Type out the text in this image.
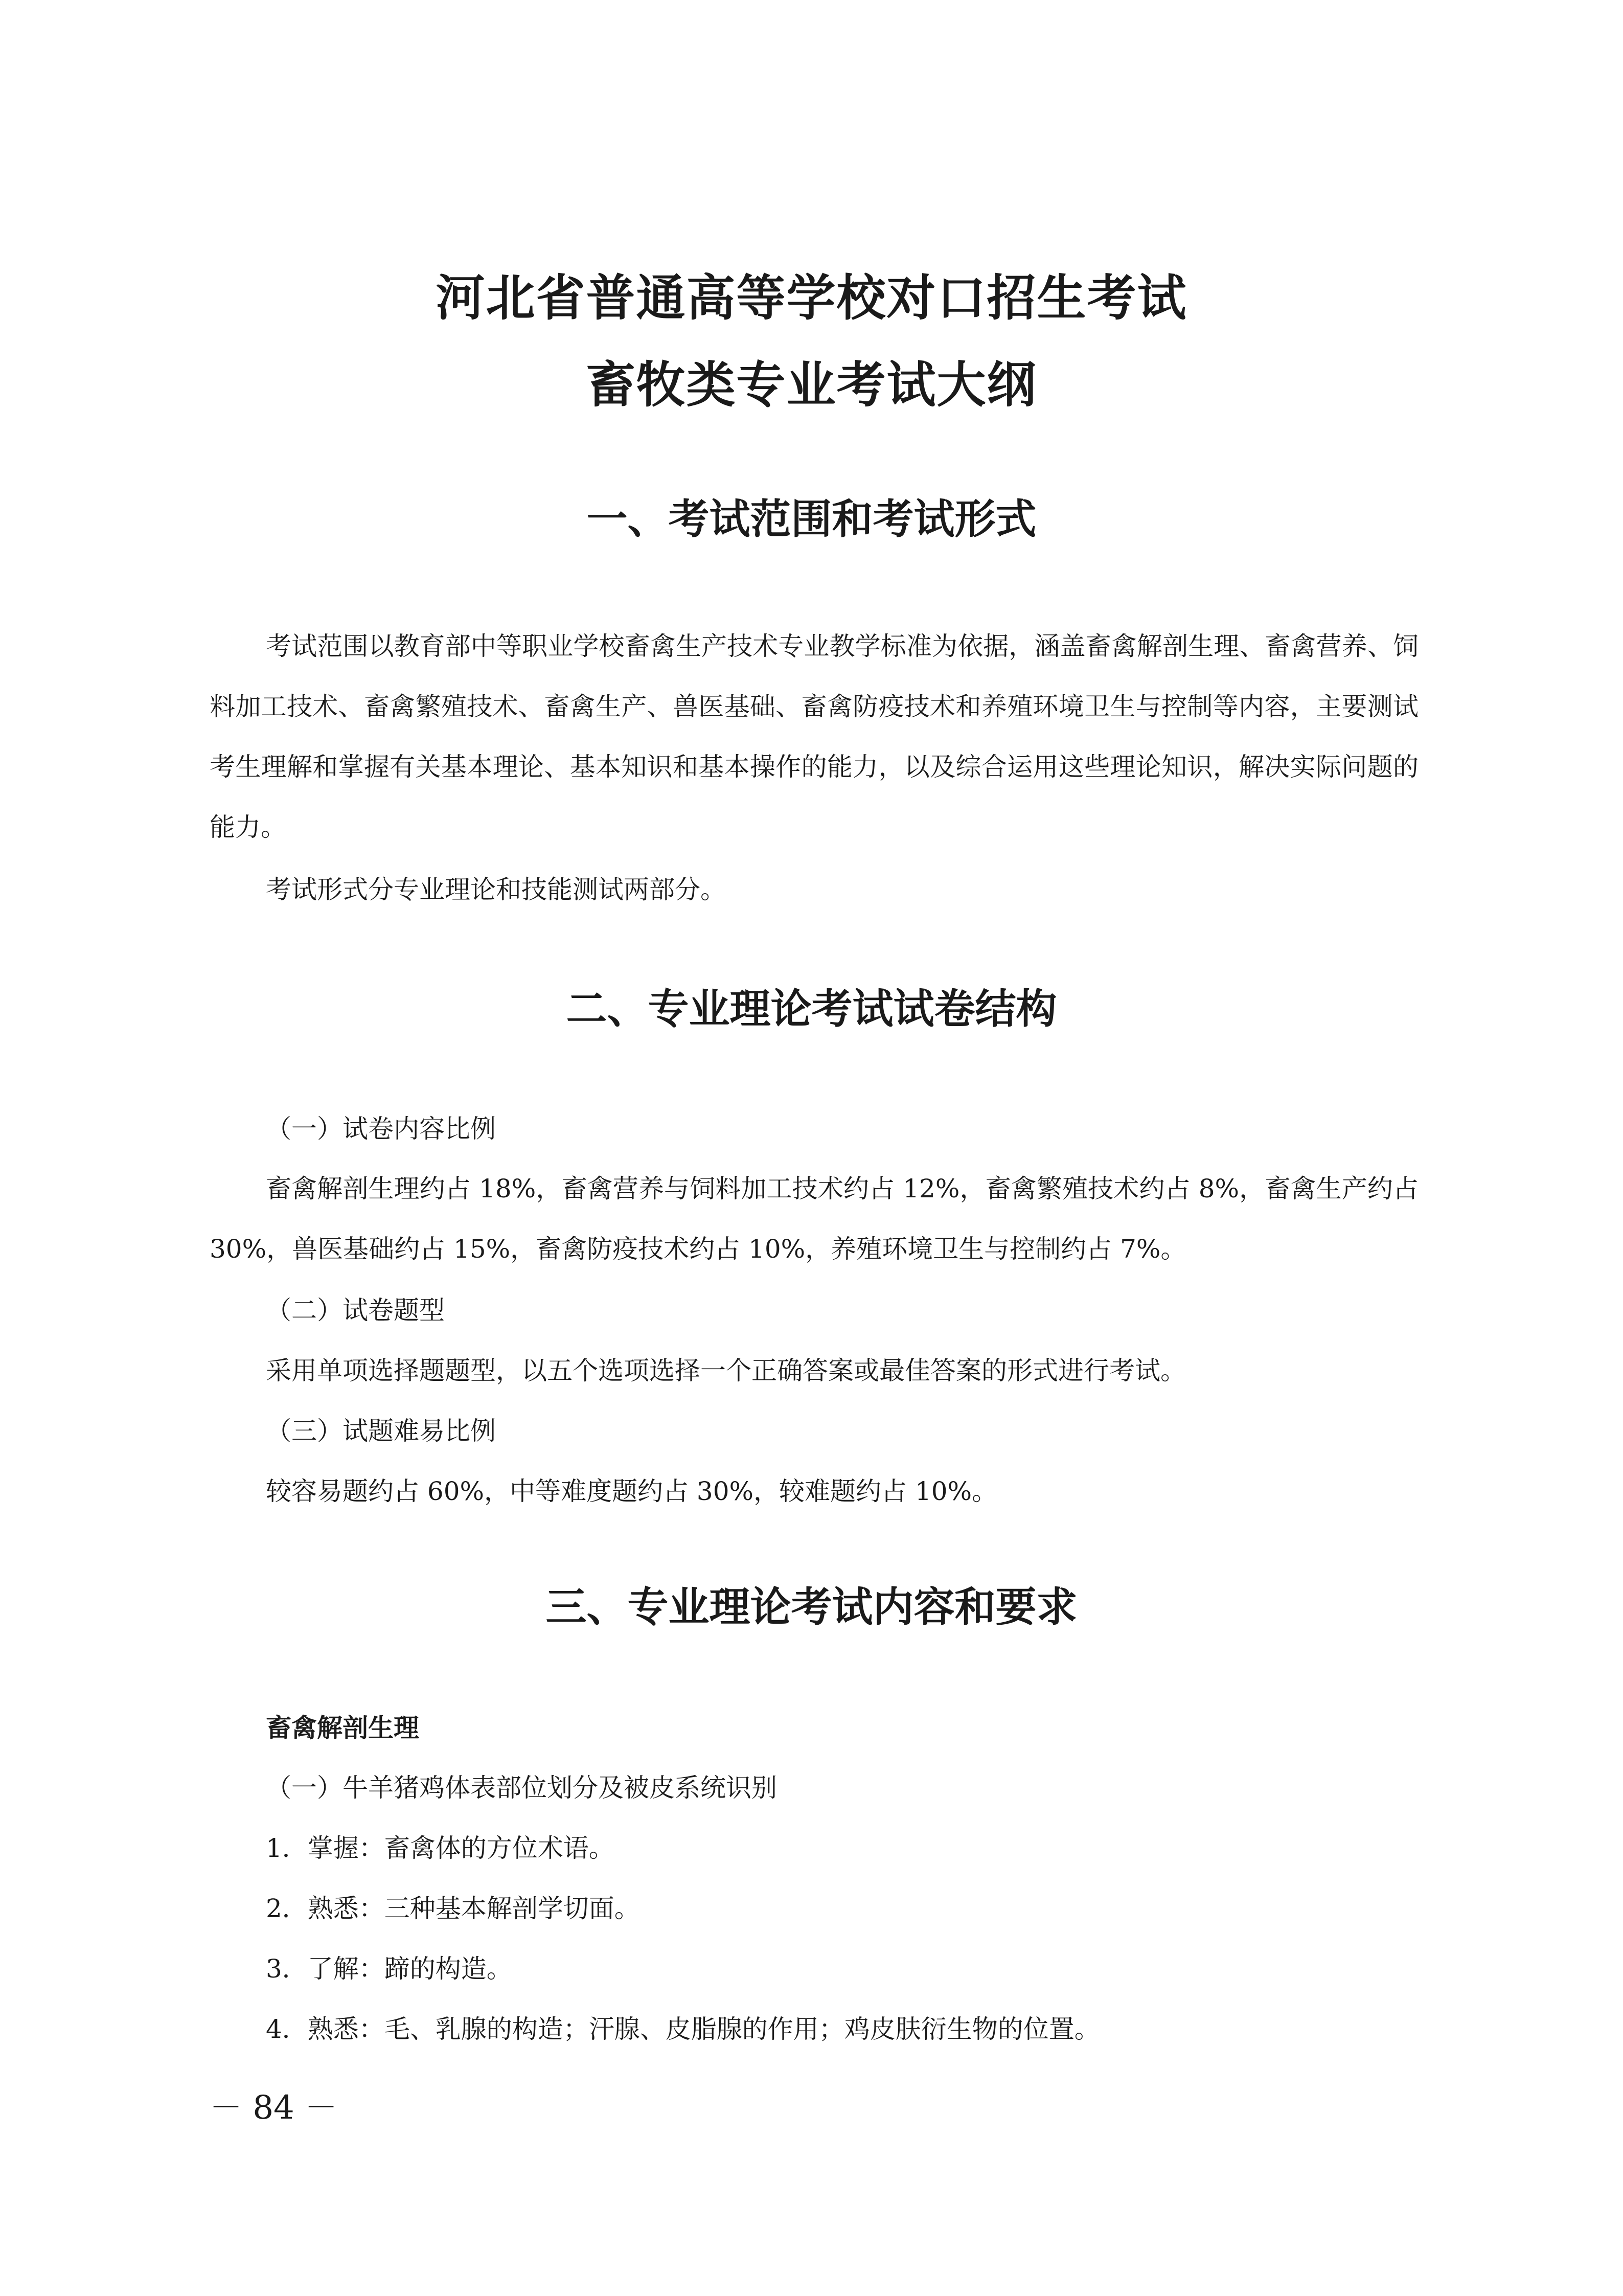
河北省普通高等学校对口招生考试
畜牧类专业考试大纲
一、考试范围和考试形式

考试范围以教育部中等职业学校畜禽生产技术专业教学标准为依据，涵盖畜禽解剖生理、畜禽营养、饲料加工技术、畜禽繁殖技术、畜禽生产、兽医基础、畜禽防疫技术和养殖环境卫生与控制等内容，主要测试考生理解和掌握有关基本理论、基本知识和基本操作的能力，以及综合运用这些理论知识，解决实际问题的能力。

考试形式分专业理论和技能测试两部分。
二、专业理论考试试卷结构
（一）试卷内容比例

畜禽解剖生理约占 18%，畜禽营养与饲料加工技术约占 12%，畜禽繁殖技术约占 8%，畜禽生产约占 30%，兽医基础约占 15%，畜禽防疫技术约占 10%，养殖环境卫生与控制约占 7%。

（二）试卷题型
采用单项选择题题型，以五个选项选择一个正确答案或最佳答案的形式进行考试。
（三）试题难易比例
较容易题约占 60%，中等难度题约占 30%，较难题约占 10%。
三、专业理论考试内容和要求
畜禽解剖生理
（一）牛羊猪鸡体表部位划分及被皮系统识别
1．掌握：畜禽体的方位术语。
2．熟悉：三种基本解剖学切面。
3．了解：蹄的构造。
4．熟悉：毛、乳腺的构造；汗腺、皮脂腺的作用；鸡皮肤衍生物的位置。
－ 84 －
